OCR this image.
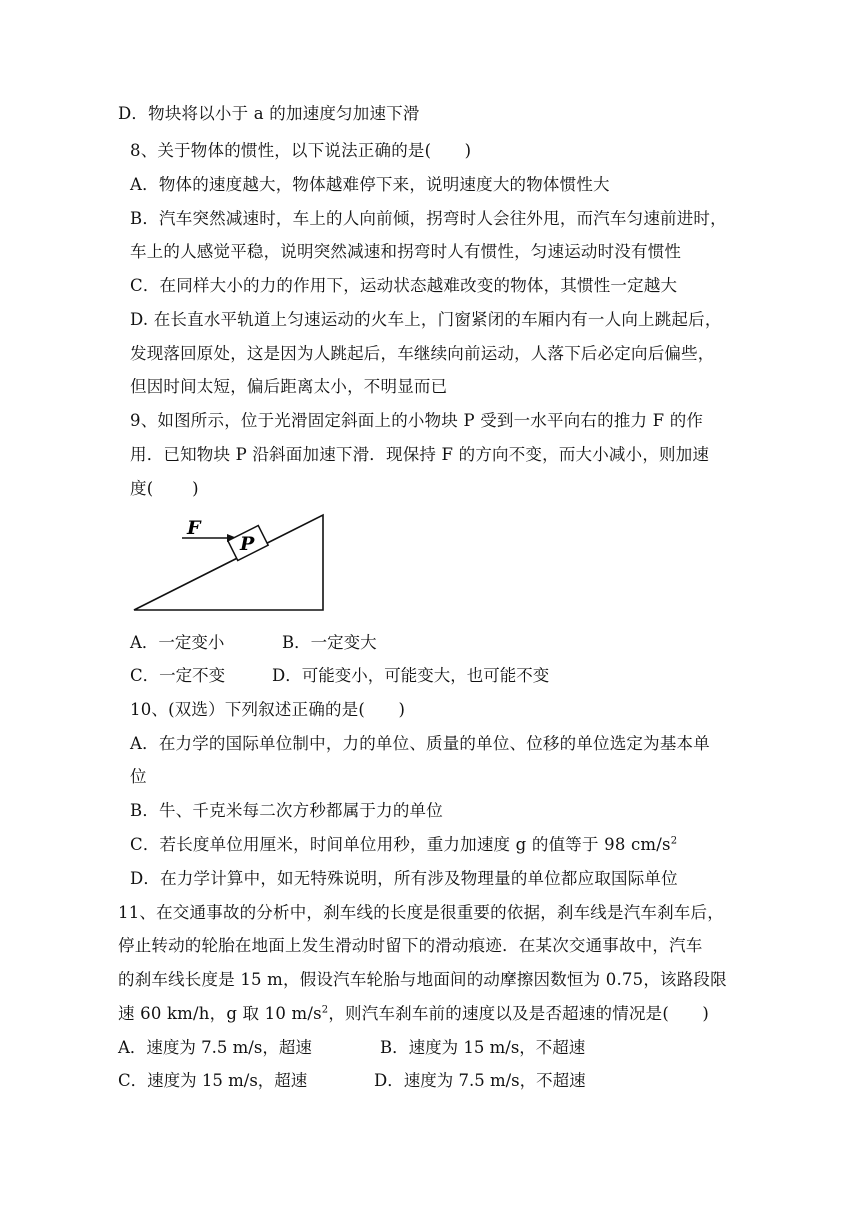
D．物块将以小于 a 的加速度匀加速下滑
8、关于物体的惯性，以下说法正确的是(　　)
A．物体的速度越大，物体越难停下来，说明速度大的物体惯性大
B．汽车突然减速时，车上的人向前倾，拐弯时人会往外甩，而汽车匀速前进时，
车上的人感觉平稳，说明突然减速和拐弯时人有惯性，匀速运动时没有惯性
C．在同样大小的力的作用下，运动状态越难改变的物体，其惯性一定越大
D. 在长直水平轨道上匀速运动的火车上，门窗紧闭的车厢内有一人向上跳起后，
发现落回原处，这是因为人跳起后，车继续向前运动，人落下后必定向后偏些，
但因时间太短，偏后距离太小，不明显而已
9、如图所示，位于光滑固定斜面上的小物块 P 受到一水平向右的推力 F 的作
用．已知物块 P 沿斜面加速下滑．现保持 F 的方向不变，而大小减小，则加速
度(　　 )
F
P
A．一定变小	B．一定变大
C．一定不变	D．可能变小，可能变大，也可能不变
10、(双选）下列叙述正确的是(　　)
A．在力学的国际单位制中，力的单位、质量的单位、位移的单位选定为基本单
位
B．牛、千克米每二次方秒都属于力的单位
C．若长度单位用厘米，时间单位用秒，重力加速度 g 的值等于 98 $cm/s^2$
D．在力学计算中，如无特殊说明，所有涉及物理量的单位都应取国际单位
11、在交通事故的分析中，刹车线的长度是很重要的依据，刹车线是汽车刹车后，
停止转动的轮胎在地面上发生滑动时留下的滑动痕迹．在某次交通事故中，汽车
的刹车线长度是 15 m，假设汽车轮胎与地面间的动摩擦因数恒为 0.75，该路段限
速 60 km/h，g 取 10 $m/s^2$，则汽车刹车前的速度以及是否超速的情况是(　　)
A．速度为 7.5 m/s，超速	B．速度为 15 m/s，不超速
C．速度为 15 m/s，超速	D．速度为 7.5 m/s，不超速
